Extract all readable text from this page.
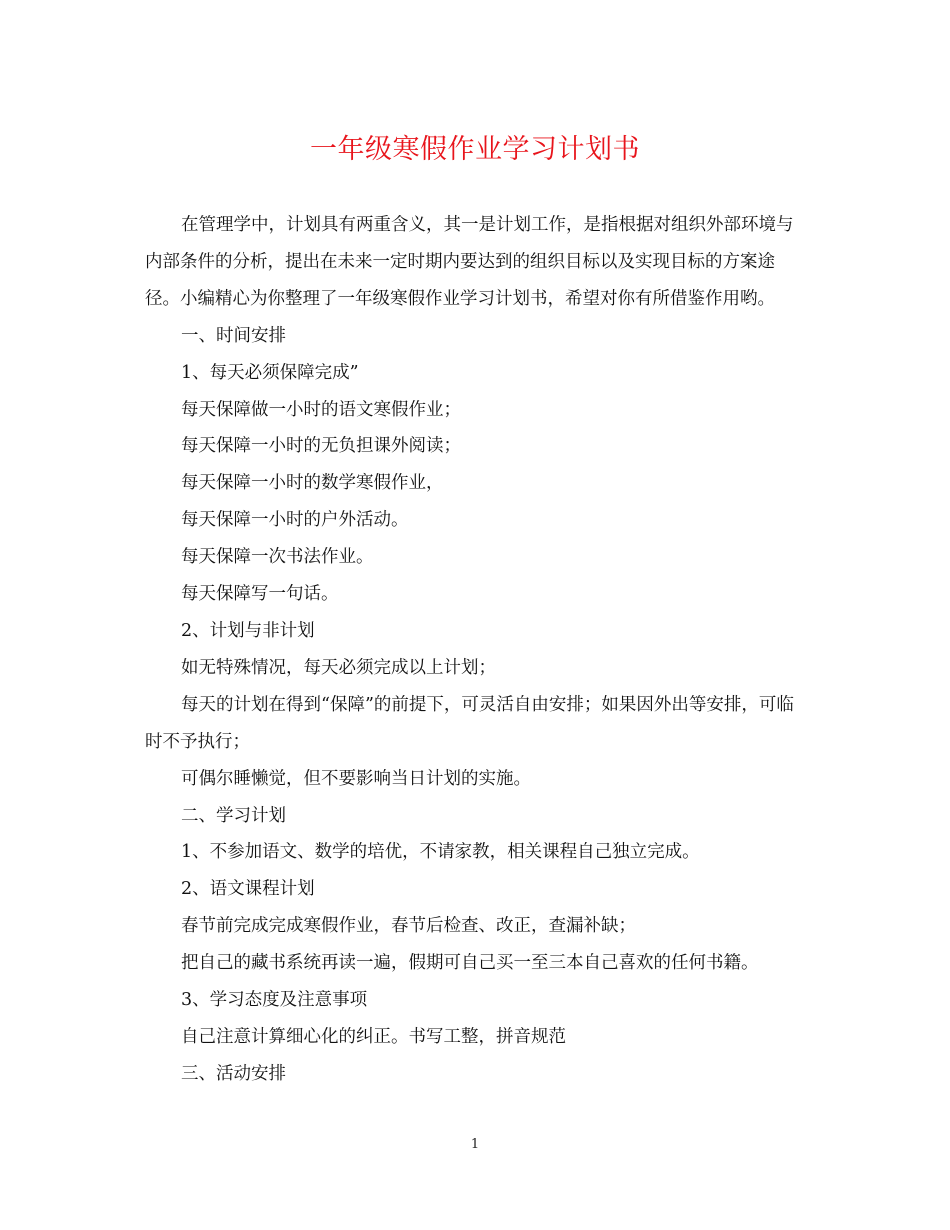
一年级寒假作业学习计划书

在管理学中，计划具有两重含义，其一是计划工作，是指根据对组织外部环境与内部条件的分析，提出在未来一定时期内要达到的组织目标以及实现目标的方案途径。小编精心为你整理了一年级寒假作业学习计划书，希望对你有所借鉴作用哟。

一、时间安排

1、每天必须保障完成”

每天保障做一小时的语文寒假作业；

每天保障一小时的无负担课外阅读；

每天保障一小时的数学寒假作业，

每天保障一小时的户外活动。

每天保障一次书法作业。

每天保障写一句话。

2、计划与非计划

如无特殊情况，每天必须完成以上计划；

每天的计划在得到“保障”的前提下，可灵活自由安排；如果因外出等安排，可临时不予执行；

可偶尔睡懒觉，但不要影响当日计划的实施。

二、学习计划

1、不参加语文、数学的培优，不请家教，相关课程自己独立完成。

2、语文课程计划

春节前完成完成寒假作业，春节后检查、改正，查漏补缺；

把自己的藏书系统再读一遍，假期可自己买一至三本自己喜欢的任何书籍。

3、学习态度及注意事项

自己注意计算细心化的纠正。书写工整，拼音规范

三、活动安排

1
